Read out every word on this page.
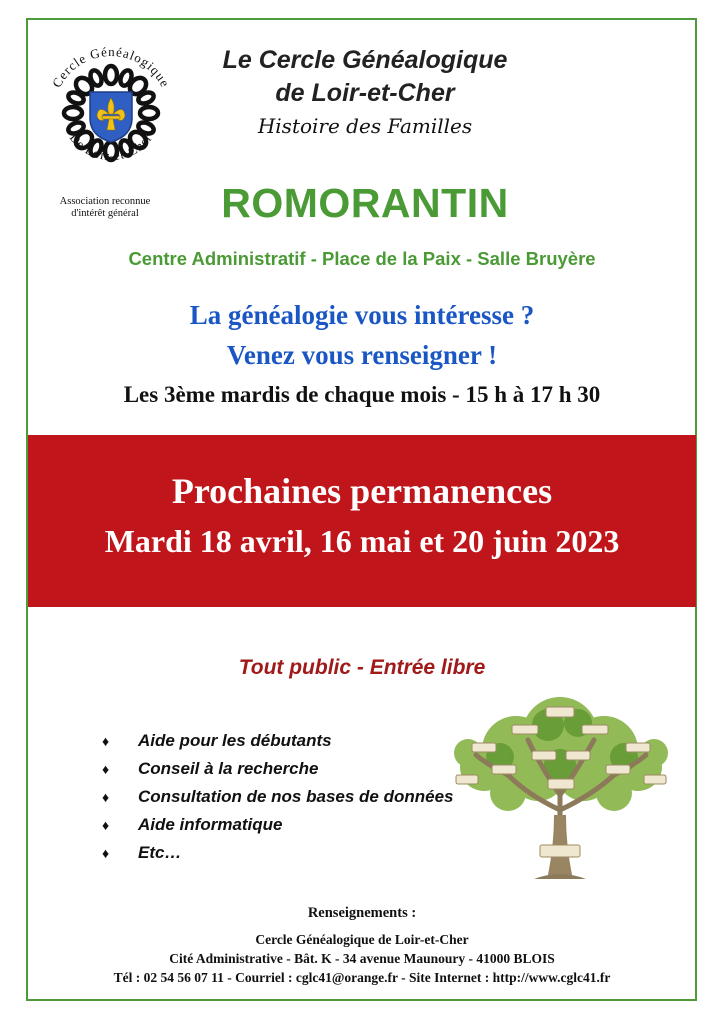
Cercle Généalogique
De Loir-et-Cher
Association reconnue
d'intérêt général
Le Cercle Généalogique
de Loir-et-Cher
Histoire des Familles
ROMORANTIN
Centre Administratif - Place de la Paix - Salle Bruyère
La généalogie vous intéresse ?
Venez vous renseigner !
Les 3ème mardis de chaque mois - 15 h à 17 h 30
Prochaines permanences
Mardi 18 avril, 16 mai et 20 juin 2023
Tout public - Entrée libre
♦ Aide pour les débutants
♦ Conseil à la recherche
♦ Consultation de nos bases de données
♦ Aide informatique
♦ Etc…
Renseignements :
Cercle Généalogique de Loir-et-Cher
Cité Administrative - Bât. K - 34 avenue Maunoury - 41000 BLOIS
Tél : 02 54 56 07 11 - Courriel : cglc41@orange.fr - Site Internet : http://www.cglc41.fr
